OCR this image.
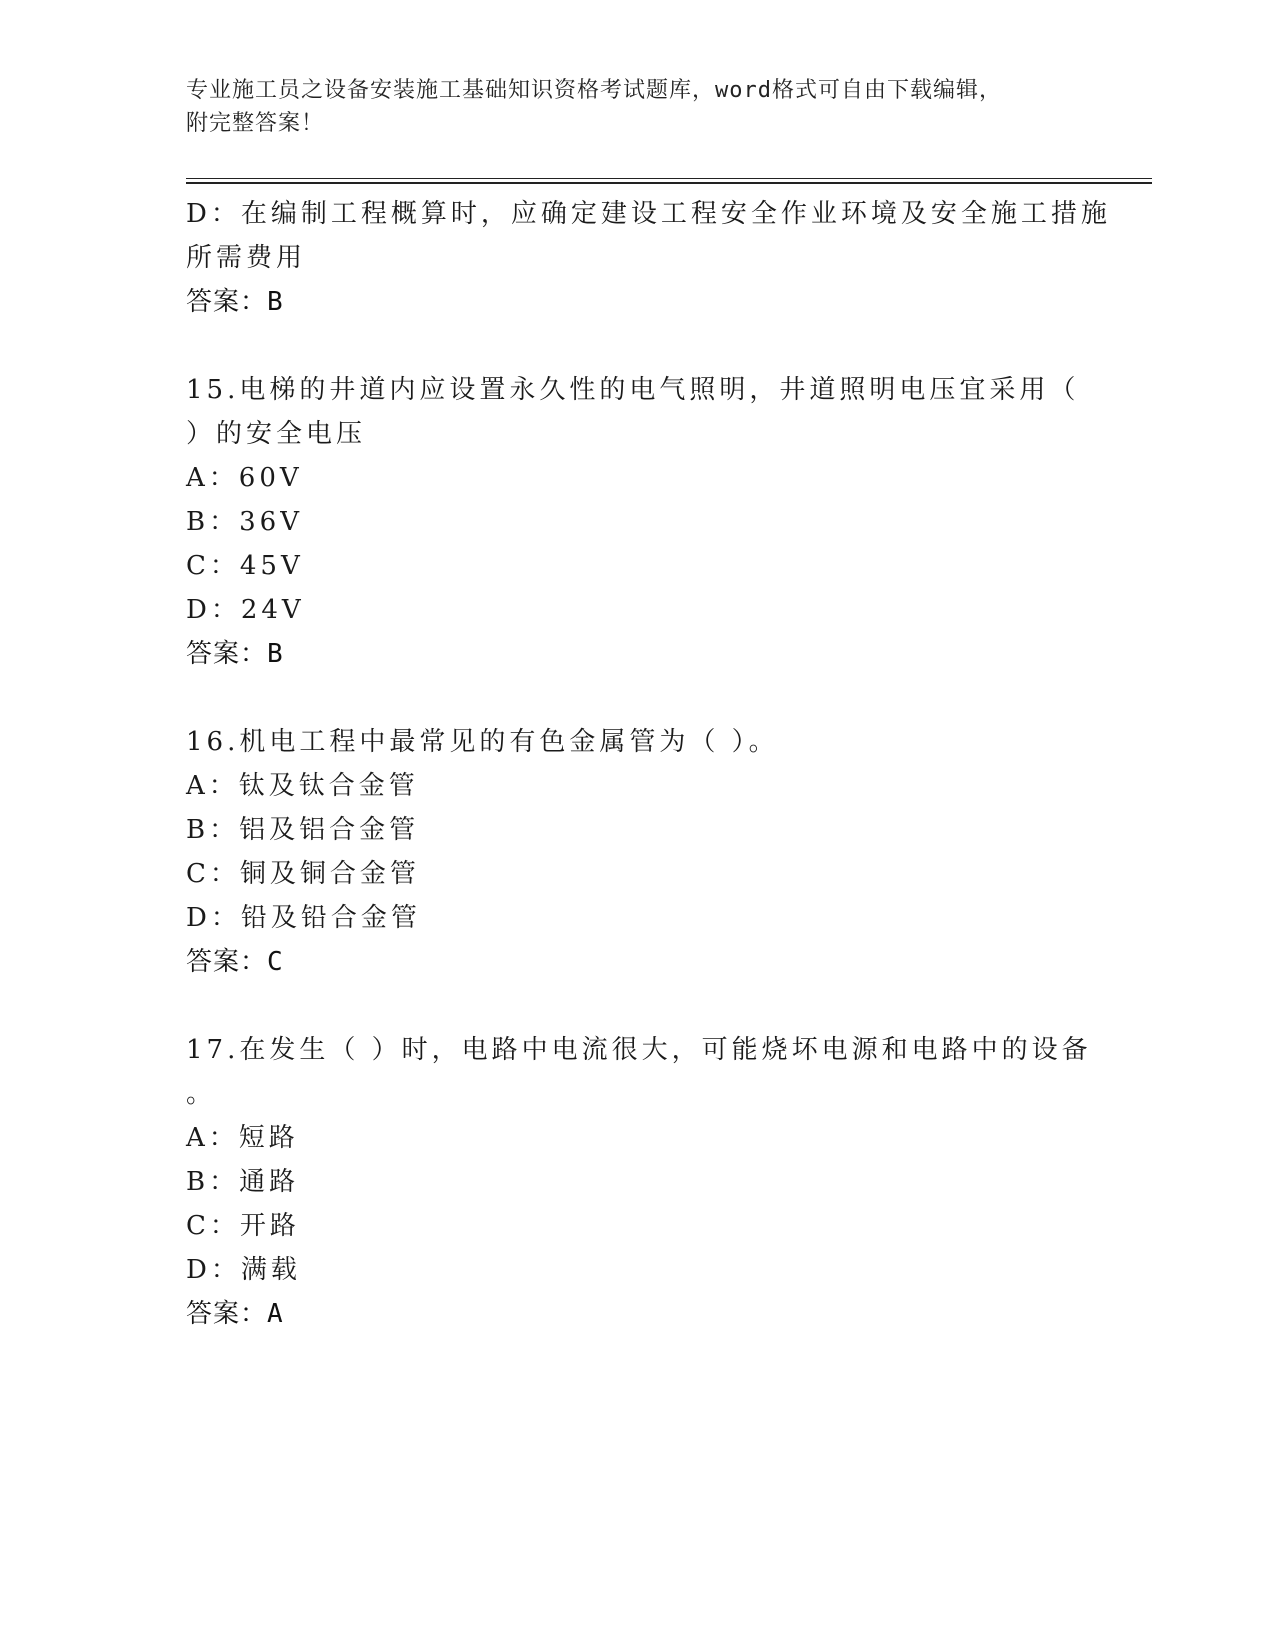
专业施工员之设备安装施工基础知识资格考试题库，word格式可自由下载编辑，
附完整答案！
D：在编制工程概算时，应确定建设工程安全作业环境及安全施工措施
所需费用
答案：B
15.电梯的井道内应设置永久性的电气照明，井道照明电压宜采用（
）的安全电压
A：60V
B：36V
C：45V
D：24V
答案：B
16.机电工程中最常见的有色金属管为（ ）。
A：钛及钛合金管
B：铝及铝合金管
C：铜及铜合金管
D：铅及铅合金管
答案：C
17.在发生（ ）时，电路中电流很大，可能烧坏电源和电路中的设备
。
A：短路
B：通路
C：开路
D：满载
答案：A
